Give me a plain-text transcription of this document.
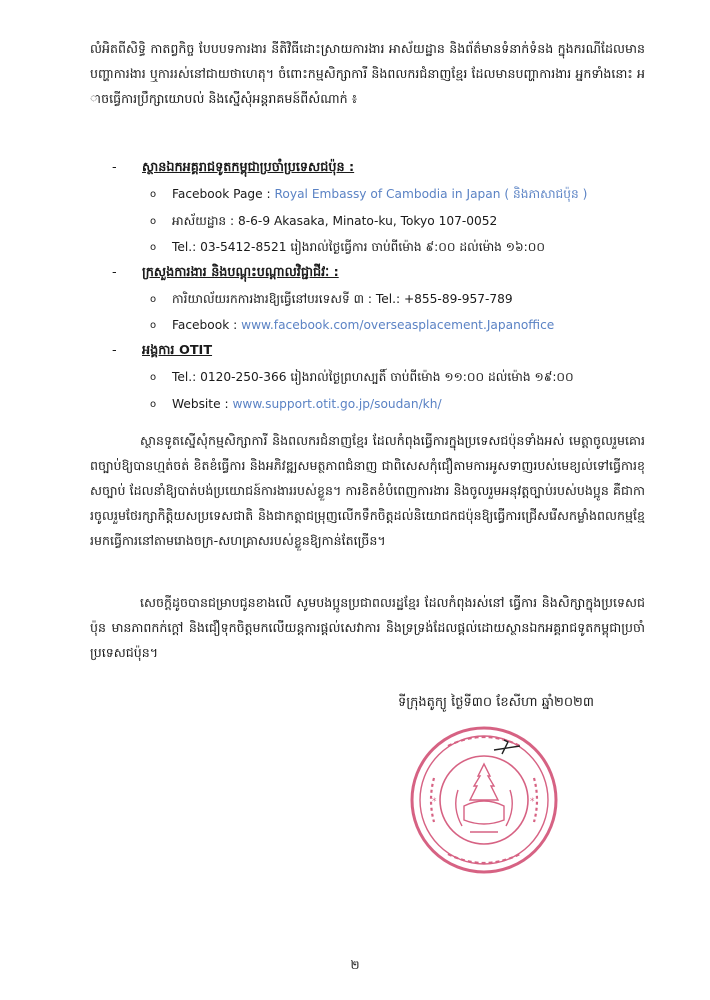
លំអិតពីសិទ្ធិ កាតព្វកិច្ច បែបបទការងារ នីតិវិធីដោះស្រាយការងារ អាស័យដ្ឋាន និងព័ត៌មានទំនាក់ទំនង ក្នុងករណីដែលមានបញ្ហាការងារ ឬការរស់នៅជាយថាហេតុ។ ចំពោះកម្មសិក្សាការី និងពលករជំនាញខ្មែរ ដែលមានបញ្ហាការងារ អ្នកទាំងនោះ អាចធ្វើការប្រឹក្សាយោបល់ និងស្នើសុំអន្តរាគមន៍ពីសំណាក់ ៖

- ស្ថានឯកអគ្គរាជទូតកម្ពុជាប្រចាំប្រទេសជប៉ុន :
o Facebook Page : Royal Embassy of Cambodia in Japan ( និងភាសាជប៉ុន )
o អាស័យដ្ឋាន : 8-6-9 Akasaka, Minato-ku, Tokyo 107-0052
o Tel.: 03-5412-8521 រៀងរាល់ថ្ងៃធ្វើការ ចាប់ពីម៉ោង ៩:០០ ដល់ម៉ោង ១៦:០០
- ក្រសួងការងារ និងបណ្តុះបណ្តាលវិជ្ជាជីវៈ :
o ការិយាល័យរកការងារឱ្យធ្វើនៅបរទេសទី ៣ : Tel.: +855-89-957-789
o Facebook : www.facebook.com/overseasplacement.Japanoffice
- អង្គការ OTIT
o Tel.: 0120-250-366 រៀងរាល់ថ្ងៃព្រហស្បតិ៍ ចាប់ពីម៉ោង ១១:០០ ដល់ម៉ោង ១៩:០០
o Website : www.support.otit.go.jp/soudan/kh/

ស្ថានទូតស្នើសុំកម្មសិក្សាការី និងពលករជំនាញខ្មែរ ដែលកំពុងធ្វើការក្នុងប្រទេសជប៉ុនទាំងអស់ មេត្តាចូលរួមគោរពច្បាប់ឱ្យបានហ្មត់ចត់ ខិតខំធ្វើការ និងអភិវឌ្ឍសមត្ថភាពជំនាញ ជាពិសេសកុំជឿតាមការអូសទាញរបស់មេខ្យល់ទៅធ្វើការខុសច្បាប់ ដែលនាំឱ្យបាត់បង់ប្រយោជន៍ការងាររបស់ខ្លួន។ ការខិតខំបំពេញការងារ និងចូលរួមអនុវត្តច្បាប់របស់បងប្អូន គឺជាការចូលរួមថែរក្សាកិត្តិយសប្រទេសជាតិ និងជាកត្តាជម្រុញលើកទឹកចិត្តដល់និយោជកជប៉ុនឱ្យធ្វើការជ្រើសរើសកម្លាំងពលកម្មខ្មែរមកធ្វើការនៅតាមរោងចក្រ-សហគ្រាសរបស់ខ្លួនឱ្យកាន់តែច្រើន។

សេចក្តីដូចបានជម្រាបជូនខាងលើ សូមបងប្អូនប្រជាពលរដ្ឋខ្មែរ ដែលកំពុងរស់នៅ ធ្វើការ និងសិក្សាក្នុងប្រទេសជប៉ុន មានភាពកក់ក្តៅ និងជឿទុកចិត្តមកលើយន្តការផ្តល់សេវាការ និងទ្រទ្រង់ដែលផ្តល់ដោយស្ថានឯកអគ្គរាជទូតកម្ពុជាប្រចាំប្រទេសជប៉ុន។

ទីក្រុងតូក្យូ ថ្ងៃទី៣០ ខែសីហា ឆ្នាំ២០២៣
*	*
២
